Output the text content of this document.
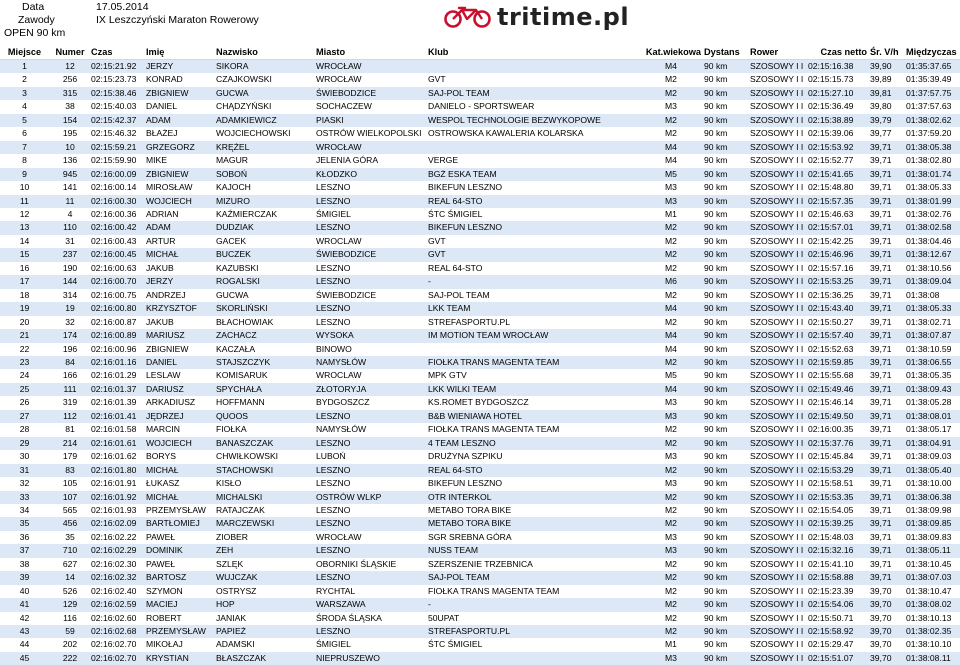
Data	17.05.2014
Zawody	IX Leszczyński Maraton Rowerowy
OPEN 90 km
tritime.pl
Miejsce	Numer	Czas	Imię	Nazwisko	Miasto	Klub	Kat.wiekowa	Dystans	Rower	Czas netto	Śr. V/h	Międzyczas
1	12	02:15:21.92	JERZY	SIKORA	WROCŁAW		M4	90 km	SZOSOWY I I	02:15:16.38	39,90	01:35:37.65
2	256	02:15:23.73	KONRAD	CZAJKOWSKI	WROCŁAW	GVT	M2	90 km	SZOSOWY I I	02:15:15.73	39,89	01:35:39.49
3	315	02:15:38.46	ZBIGNIEW	GUCWA	ŚWIEBODZICE	SAJ-POL TEAM	M2	90 km	SZOSOWY I I	02:15:27.10	39,81	01:37:57.75
4	38	02:15:40.03	DANIEL	CHĄDZYŃSKI	SOCHACZEW	DANIELO - SPORTSWEAR	M3	90 km	SZOSOWY I I	02:15:36.49	39,80	01:37:57.63
5	154	02:15:42.37	ADAM	ADAMKIEWICZ	PIASKI	WESPOL TECHNOLOGIE BEZWYKOPOWE	M2	90 km	SZOSOWY I I	02:15:38.89	39,79	01:38:02.62
6	195	02:15:46.32	BŁAŻEJ	WOJCIECHOWSKI	OSTRÓW WIELKOPOLSKI	OSTROWSKA KAWALERIA KOLARSKA	M2	90 km	SZOSOWY I I	02:15:39.06	39,77	01:37:59.20
7	10	02:15:59.21	GRZEGORZ	KRĘŻEL	WROCŁAW		M4	90 km	SZOSOWY I I	02:15:53.92	39,71	01:38:05.38
8	136	02:15:59.90	MIKE	MAGUR	JELENIA GÓRA	VERGE	M4	90 km	SZOSOWY I I	02:15:52.77	39,71	01:38:02.80
9	945	02:16:00.09	ZBIGNIEW	SOBOŃ	KŁODZKO	BGŻ ESKA TEAM	M5	90 km	SZOSOWY I I	02:15:41.65	39,71	01:38:01.74
10	141	02:16:00.14	MIROSŁAW	KAJOCH	LESZNO	BIKEFUN LESZNO	M3	90 km	SZOSOWY I I	02:15:48.80	39,71	01:38:05.33
11	11	02:16:00.30	WOJCIECH	MIZURO	LESZNO	REAL 64-STO	M3	90 km	SZOSOWY I I	02:15:57.35	39,71	01:38:01.99
12	4	02:16:00.36	ADRIAN	KAŹMIERCZAK	ŚMIGIEL	ŚTC ŚMIGIEL	M1	90 km	SZOSOWY I I	02:15:46.63	39,71	01:38:02.76
13	110	02:16:00.42	ADAM	DUDZIAK	LESZNO	BIKEFUN LESZNO	M2	90 km	SZOSOWY I I	02:15:57.01	39,71	01:38:02.58
14	31	02:16:00.43	ARTUR	GACEK	WROCLAW	GVT	M2	90 km	SZOSOWY I I	02:15:42.25	39,71	01:38:04.46
15	237	02:16:00.45	MICHAŁ	BUCZEK	ŚWIEBODZICE	GVT	M2	90 km	SZOSOWY I I	02:15:46.96	39,71	01:38:12.67
16	190	02:16:00.63	JAKUB	KAZUBSKI	LESZNO	REAL 64-STO	M2	90 km	SZOSOWY I I	02:15:57.16	39,71	01:38:10.56
17	144	02:16:00.70	JERZY	ROGALSKI	LESZNO	-	M6	90 km	SZOSOWY I I	02:15:53.25	39,71	01:38:09.04
18	314	02:16:00.75	ANDRZEJ	GUCWA	ŚWIEBODZICE	SAJ-POL TEAM	M2	90 km	SZOSOWY I I	02:15:36.25	39,71	01:38:08
19	19	02:16:00.80	KRZYSZTOF	SKORLIŃSKI	LESZNO	LKK TEAM	M4	90 km	SZOSOWY I I	02:15:43.40	39,71	01:38:05.33
20	32	02:16:00.87	JAKUB	BŁACHOWIAK	LESZNO	STREFASPORTU.PL	M2	90 km	SZOSOWY I I	02:15:50.27	39,71	01:38:02.71
21	174	02:16:00.89	MARIUSZ	ZACHACZ	WYSOKA	IM MOTION TEAM WROCŁAW	M4	90 km	SZOSOWY I I	02:15:57.40	39,71	01:38:07.87
22	196	02:16:00.96	ZBIGNIEW	KACZAŁA	BINOWO		M4	90 km	SZOSOWY I I	02:15:52.63	39,71	01:38:10.59
23	84	02:16:01.16	DANIEL	STAJSZCZYK	NAMYSŁÓW	FIOŁKA TRANS MAGENTA TEAM	M2	90 km	SZOSOWY I I	02:15:59.85	39,71	01:38:06.55
24	166	02:16:01.29	LESLAW	KOMISARUK	WROCLAW	MPK GTV	M5	90 km	SZOSOWY I I	02:15:55.68	39,71	01:38:05.35
25	111	02:16:01.37	DARIUSZ	SPYCHAŁA	ZŁOTORYJA	LKK WILKI TEAM	M4	90 km	SZOSOWY I I	02:15:49.46	39,71	01:38:09.43
26	319	02:16:01.39	ARKADIUSZ	HOFFMANN	BYDGOSZCZ	KS.ROMET BYDGOSZCZ	M3	90 km	SZOSOWY I I	02:15:46.14	39,71	01:38:05.28
27	112	02:16:01.41	JĘDRZEJ	QUOOS	LESZNO	B&B WIENIAWA HOTEL	M3	90 km	SZOSOWY I I	02:15:49.50	39,71	01:38:08.01
28	81	02:16:01.58	MARCIN	FIOŁKA	NAMYSŁÓW	FIOŁKA TRANS MAGENTA TEAM	M2	90 km	SZOSOWY I I	02:16:00.35	39,71	01:38:05.17
29	214	02:16:01.61	WOJCIECH	BANASZCZAK	LESZNO	4 TEAM LESZNO	M2	90 km	SZOSOWY I I	02:15:37.76	39,71	01:38:04.91
30	179	02:16:01.62	BORYS	CHWIŁKOWSKI	LUBOŃ	DRUŻYNA SZPIKU	M3	90 km	SZOSOWY I I	02:15:45.84	39,71	01:38:09.03
31	83	02:16:01.80	MICHAŁ	STACHOWSKI	LESZNO	REAL 64-STO	M2	90 km	SZOSOWY I I	02:15:53.29	39,71	01:38:05.40
32	105	02:16:01.91	ŁUKASZ	KISŁO	LESZNO	BIKEFUN LESZNO	M3	90 km	SZOSOWY I I	02:15:58.51	39,71	01:38:10.00
33	107	02:16:01.92	MICHAŁ	MICHALSKI	OSTRÓW WLKP	OTR INTERKOL	M2	90 km	SZOSOWY I I	02:15:53.35	39,71	01:38:06.38
34	565	02:16:01.93	PRZEMYSŁAW	RATAJCZAK	LESZNO	METABO TORA BIKE	M2	90 km	SZOSOWY I I	02:15:54.05	39,71	01:38:09.98
35	456	02:16:02.09	BARTŁOMIEJ	MARCZEWSKI	LESZNO	METABO TORA BIKE	M2	90 km	SZOSOWY I I	02:15:39.25	39,71	01:38:09.85
36	35	02:16:02.22	PAWEŁ	ZIOBER	WROCŁAW	SGR SREBNA GÓRA	M3	90 km	SZOSOWY I I	02:15:48.03	39,71	01:38:09.83
37	710	02:16:02.29	DOMINIK	ZEH	LESZNO	NUSS TEAM	M3	90 km	SZOSOWY I I	02:15:32.16	39,71	01:38:05.11
38	627	02:16:02.30	PAWEŁ	SZLĘK	OBORNIKI ŚLĄSKIE	SZERSZENIE TRZEBNICA	M2	90 km	SZOSOWY I I	02:15:41.10	39,71	01:38:10.45
39	14	02:16:02.32	BARTOSZ	WUJCZAK	LESZNO	SAJ-POL TEAM	M2	90 km	SZOSOWY I I	02:15:58.88	39,71	01:38:07.03
40	526	02:16:02.40	SZYMON	OSTRYSZ	RYCHTAL	FIOŁKA TRANS MAGENTA TEAM	M2	90 km	SZOSOWY I I	02:15:23.39	39,70	01:38:10.47
41	129	02:16:02.59	MACIEJ	HOP	WARSZAWA	-	M2	90 km	SZOSOWY I I	02:15:54.06	39,70	01:38:08.02
42	116	02:16:02.60	ROBERT	JANIAK	ŚRODA ŚLĄSKA	50UPAT	M2	90 km	SZOSOWY I I	02:15:50.71	39,70	01:38:10.13
43	59	02:16:02.68	PRZEMYSŁAW	PAPIEŻ	LESZNO	STREFASPORTU.PL	M2	90 km	SZOSOWY I I	02:15:58.92	39,70	01:38:02.35
44	202	02:16:02.70	MIKOŁAJ	ADAMSKI	ŚMIGIEL	ŚTC ŚMIGIEL	M1	90 km	SZOSOWY I I	02:15:29.47	39,70	01:38:10.10
45	222	02:16:02.70	KRYSTIAN	BŁASZCZAK	NIEPRUSZEWO		M3	90 km	SZOSOWY I I	02:15:51.07	39,70	01:38:08.11
